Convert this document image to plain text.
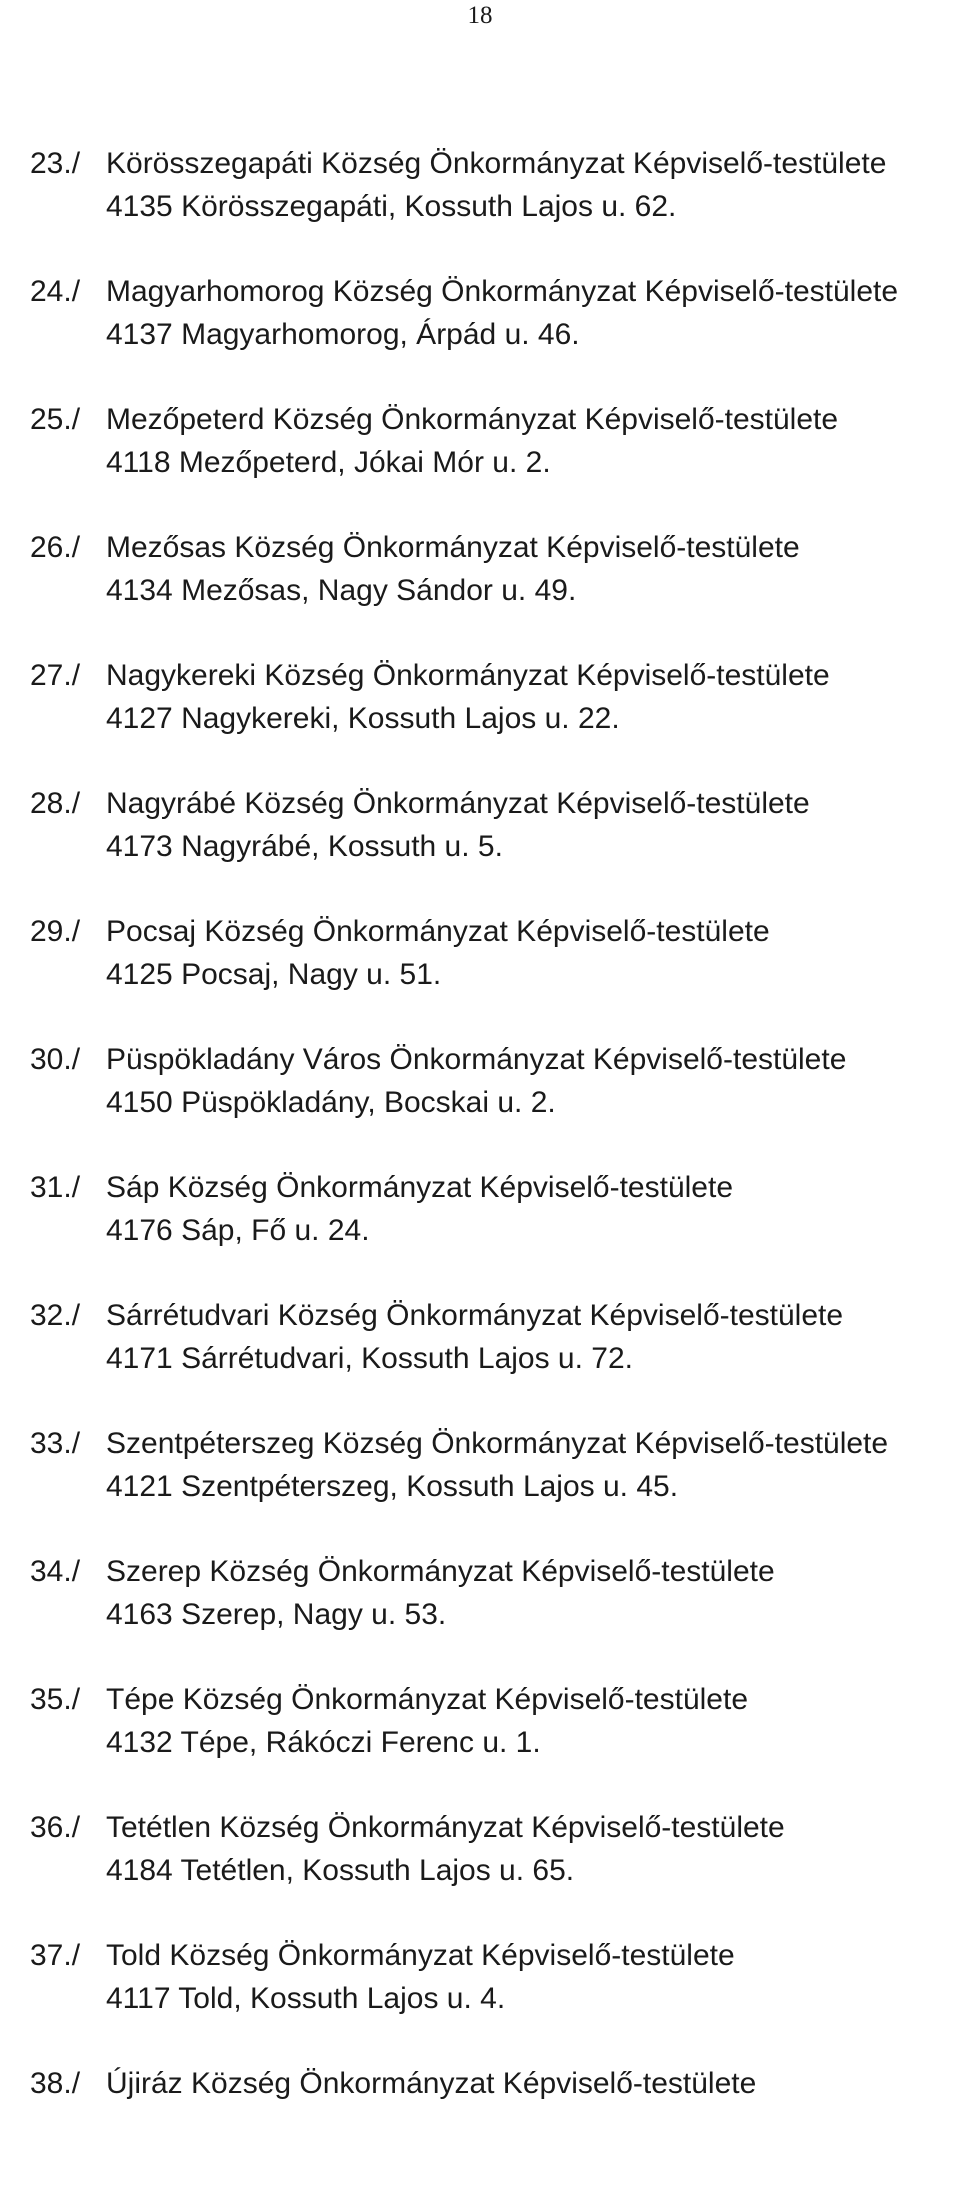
18
23./ Körösszegapáti Község Önkormányzat Képviselő-testülete
4135 Körösszegapáti, Kossuth Lajos u. 62.
24./ Magyarhomorog Község Önkormányzat Képviselő-testülete
4137 Magyarhomorog, Árpád u. 46.
25./ Mezőpeterd Község Önkormányzat Képviselő-testülete
4118 Mezőpeterd, Jókai Mór u. 2.
26./ Mezősas Község Önkormányzat Képviselő-testülete
4134 Mezősas, Nagy Sándor u. 49.
27./ Nagykereki Község Önkormányzat Képviselő-testülete
4127 Nagykereki, Kossuth Lajos u. 22.
28./ Nagyrábé Község Önkormányzat Képviselő-testülete
4173 Nagyrábé, Kossuth u. 5.
29./ Pocsaj Község Önkormányzat Képviselő-testülete
4125 Pocsaj, Nagy u. 51.
30./ Püspökladány Város Önkormányzat Képviselő-testülete
4150 Püspökladány, Bocskai u. 2.
31./ Sáp Község Önkormányzat Képviselő-testülete
4176 Sáp, Fő u. 24.
32./ Sárrétudvari Község Önkormányzat Képviselő-testülete
4171 Sárrétudvari, Kossuth Lajos u. 72.
33./ Szentpéterszeg Község Önkormányzat Képviselő-testülete
4121 Szentpéterszeg, Kossuth Lajos u. 45.
34./ Szerep Község Önkormányzat Képviselő-testülete
4163 Szerep, Nagy u. 53.
35./ Tépe Község Önkormányzat Képviselő-testülete
4132 Tépe, Rákóczi Ferenc u. 1.
36./ Tetétlen Község Önkormányzat Képviselő-testülete
4184 Tetétlen, Kossuth Lajos u. 65.
37./ Told Község Önkormányzat Képviselő-testülete
4117 Told, Kossuth Lajos u. 4.
38./ Újiráz Község Önkormányzat Képviselő-testülete
